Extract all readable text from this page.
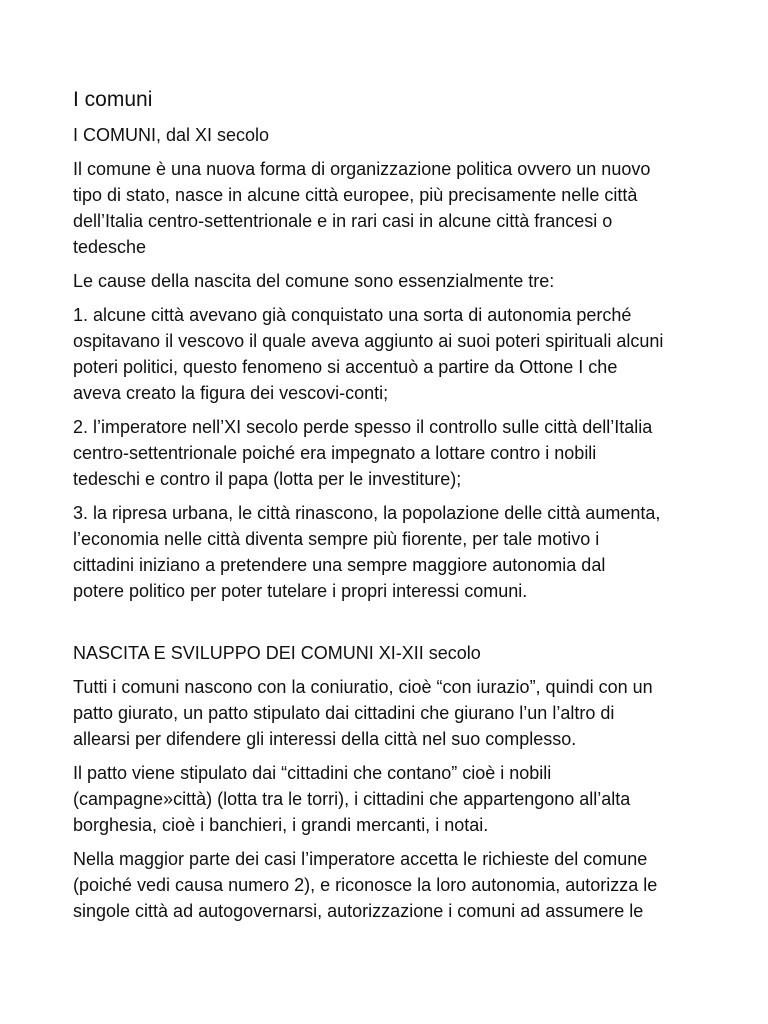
I comuni

I COMUNI, dal XI secolo

Il comune è una nuova forma di organizzazione politica ovvero un nuovo
tipo di stato, nasce in alcune città europee, più precisamente nelle città
dell’Italia centro-settentrionale e in rari casi in alcune città francesi o
tedesche

Le cause della nascita del comune sono essenzialmente tre:

1. alcune città avevano già conquistato una sorta di autonomia perché
ospitavano il vescovo il quale aveva aggiunto ai suoi poteri spirituali alcuni
poteri politici, questo fenomeno si accentuò a partire da Ottone I che
aveva creato la figura dei vescovi-conti;

2. l’imperatore nell’XI secolo perde spesso il controllo sulle città dell’Italia
centro-settentrionale poiché era impegnato a lottare contro i nobili
tedeschi e contro il papa (lotta per le investiture);

3. la ripresa urbana, le città rinascono, la popolazione delle città aumenta,
l’economia nelle città diventa sempre più fiorente, per tale motivo i
cittadini iniziano a pretendere una sempre maggiore autonomia dal
potere politico per poter tutelare i propri interessi comuni.

NASCITA E SVILUPPO DEI COMUNI XI-XII secolo

Tutti i comuni nascono con la coniuratio, cioè “con iurazio”, quindi con un
patto giurato, un patto stipulato dai cittadini che giurano l’un l’altro di
allearsi per difendere gli interessi della città nel suo complesso.

Il patto viene stipulato dai “cittadini che contano” cioè i nobili
(campagne»città) (lotta tra le torri), i cittadini che appartengono all’alta
borghesia, cioè i banchieri, i grandi mercanti, i notai.

Nella maggior parte dei casi l’imperatore accetta le richieste del comune
(poiché vedi causa numero 2), e riconosce la loro autonomia, autorizza le
singole città ad autogovernarsi, autorizzazione i comuni ad assumere le
